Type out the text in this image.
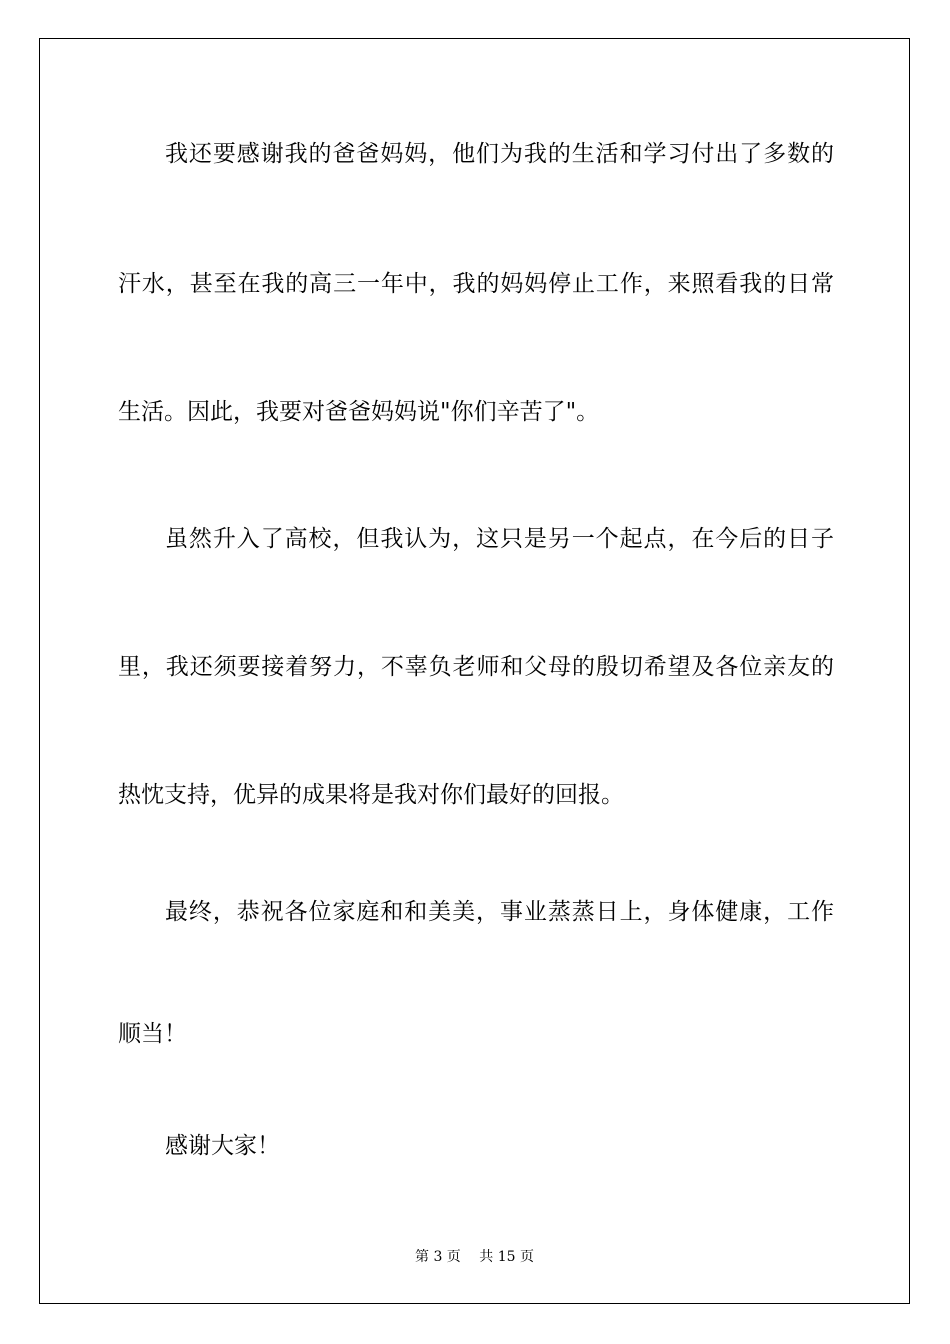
我还要感谢我的爸爸妈妈，他们为我的生活和学习付出了多数的
汗水，甚至在我的高三一年中，我的妈妈停止工作，来照看我的日常
生活。因此，我要对爸爸妈妈说"你们辛苦了"。
虽然升入了高校，但我认为，这只是另一个起点，在今后的日子
里，我还须要接着努力，不辜负老师和父母的殷切希望及各位亲友的
热忱支持，优异的成果将是我对你们最好的回报。
最终，恭祝各位家庭和和美美，事业蒸蒸日上，身体健康，工作
顺当！
感谢大家！
第 3 页　 共 15 页
